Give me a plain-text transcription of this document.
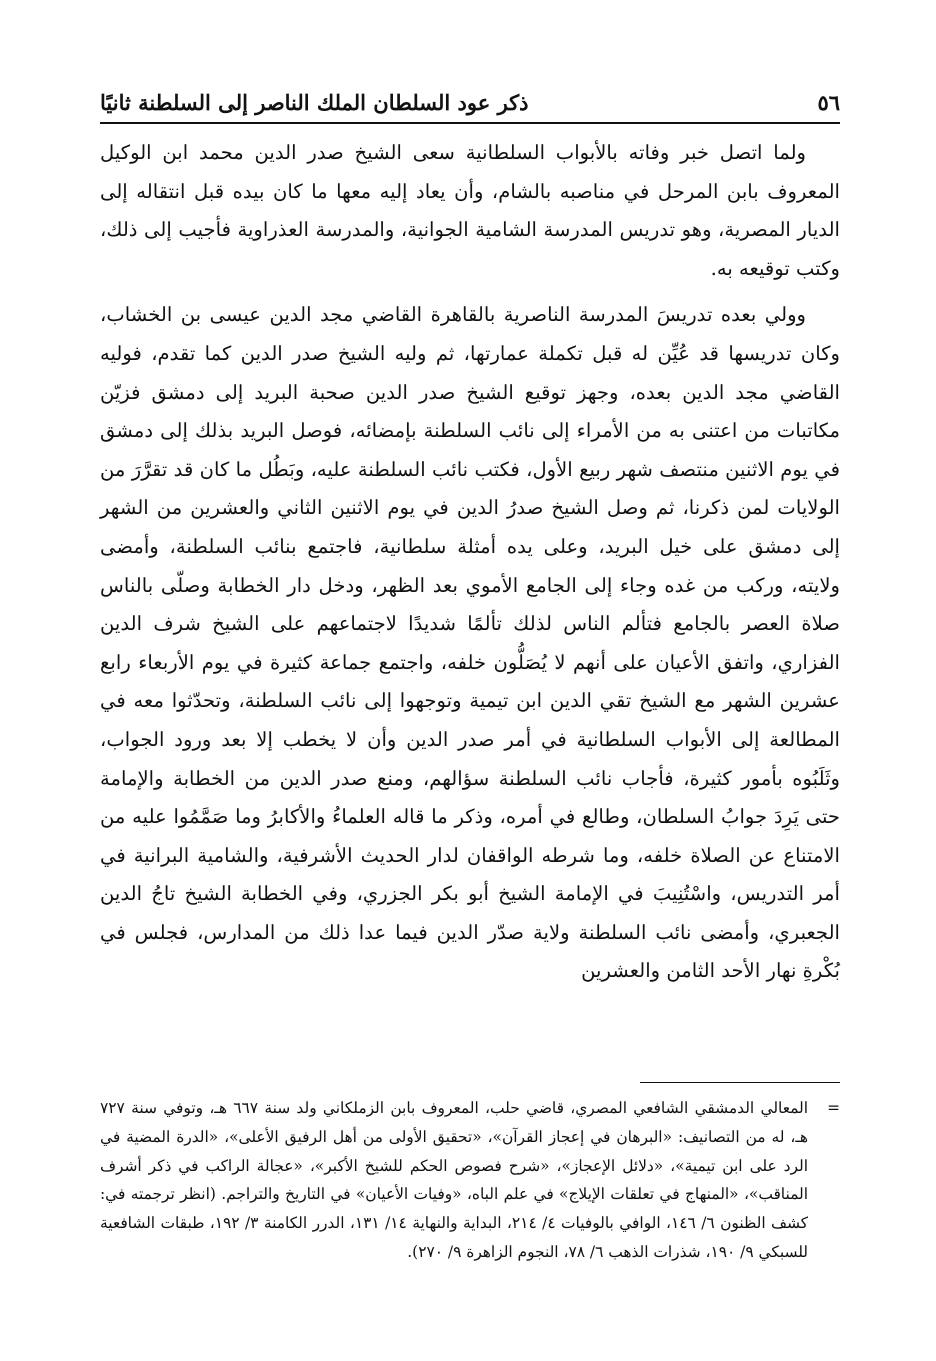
٥٦
ذكر عود السلطان الملك الناصر إلى السلطنة ثانيًا

ولما اتصل خبر وفاته بالأبواب السلطانية سعى الشيخ صدر الدين محمد ابن الوكيل المعروف بابن المرحل في مناصبه بالشام، وأن يعاد إليه معها ما كان بيده قبل انتقاله إلى الديار المصرية، وهو تدريس المدرسة الشامية الجوانية، والمدرسة العذراوية فأجيب إلى ذلك، وكتب توقيعه به.

وولي بعده تدريسَ المدرسة الناصرية بالقاهرة القاضي مجد الدين عيسى بن الخشاب، وكان تدريسها قد عُيِّن له قبل تكملة عمارتها، ثم وليه الشيخ صدر الدين كما تقدم، فوليه القاضي مجد الدين بعده، وجهز توقيع الشيخ صدر الدين صحبة البريد إلى دمشق فزيّن مكاتبات من اعتنى به من الأمراء إلى نائب السلطنة بإمضائه، فوصل البريد بذلك إلى دمشق في يوم الاثنين منتصف شهر ربيع الأول، فكتب نائب السلطنة عليه، وبَطُل ما كان قد تقرَّرَ من الولايات لمن ذكرنا، ثم وصل الشيخ صدرُ الدين في يوم الاثنين الثاني والعشرين من الشهر إلى دمشق على خيل البريد، وعلى يده أمثلة سلطانية، فاجتمع بنائب السلطنة، وأمضى ولايته، وركب من غده وجاء إلى الجامع الأموي بعد الظهر، ودخل دار الخطابة وصلّى بالناس صلاة العصر بالجامع فتألم الناس لذلك تألمًا شديدًا لاجتماعهم على الشيخ شرف الدين الفزاري، واتفق الأعيان على أنهم لا يُصَلُّون خلفه، واجتمع جماعة كثيرة في يوم الأربعاء رابع عشرين الشهر مع الشيخ تقي الدين ابن تيمية وتوجهوا إلى نائب السلطنة، وتحدّثوا معه في المطالعة إلى الأبواب السلطانية في أمر صدر الدين وأن لا يخطب إلا بعد ورود الجواب، وثَلَبُوه بأمور كثيرة، فأجاب نائب السلطنة سؤالهم، ومنع صدر الدين من الخطابة والإمامة حتى يَرِدَ جوابُ السلطان، وطالع في أمره، وذكر ما قاله العلماءُ والأكابرُ وما صَمَّمُوا عليه من الامتناع عن الصلاة خلفه، وما شرطه الواقفان لدار الحديث الأشرفية، والشامية البرانية في أمر التدريس، واسْتُنِيبَ في الإمامة الشيخ أبو بكر الجزري، وفي الخطابة الشيخ تاجُ الدين الجعبري، وأمضى نائب السلطنة ولاية صدّر الدين فيما عدا ذلك من المدارس، فجلس في بُكْرةِ نهار الأحد الثامن والعشرين

=
المعالي الدمشقي الشافعي المصري، قاضي حلب، المعروف بابن الزملكاني ولد سنة ٦٦٧ هـ، وتوفي سنة ٧٢٧ هـ، له من التصانيف: «البرهان في إعجاز القرآن»، «تحقيق الأولى من أهل الرفيق الأعلى»، «الدرة المضية في الرد على ابن تيمية»، «دلائل الإعجاز»، «شرح فصوص الحكم للشيخ الأكبر»، «عجالة الراكب في ذكر أشرف المناقب»، «المنهاج في تعلقات الإيلاج» في علم الباه، «وفيات الأعيان» في التاريخ والتراجم. (انظر ترجمته في: كشف الظنون ٦/ ١٤٦، الوافي بالوفيات ٤/ ٢١٤، البداية والنهاية ١٤/ ١٣١، الدرر الكامنة ٣/ ١٩٢، طبقات الشافعية للسبكي ٩/ ١٩٠، شذرات الذهب ٦/ ٧٨، النجوم الزاهرة ٩/ ٢٧٠).
